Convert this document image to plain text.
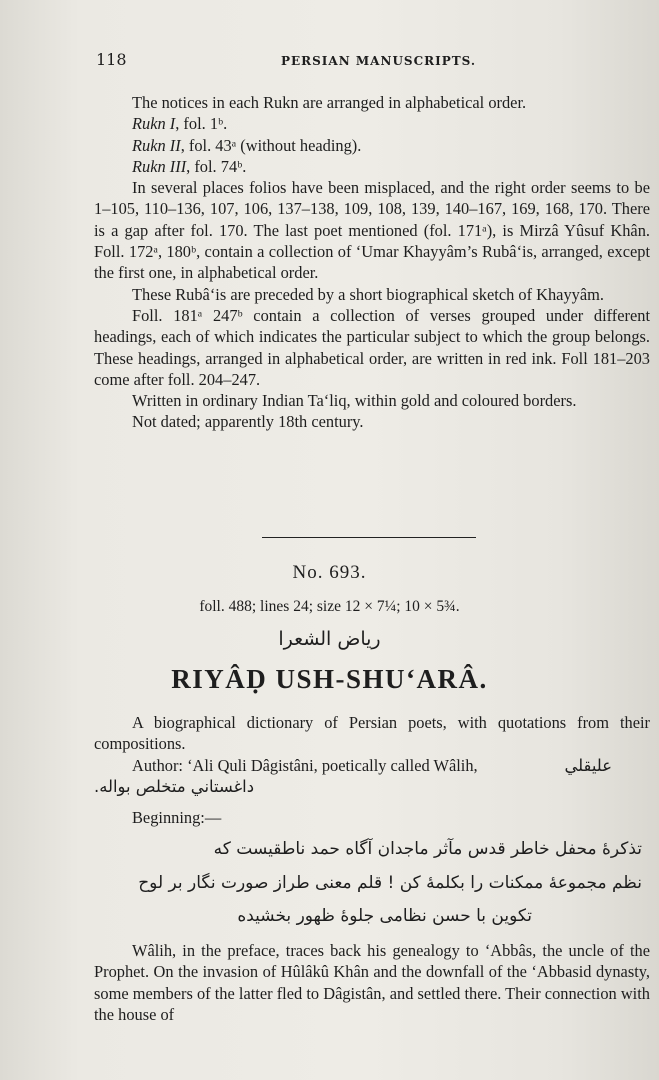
118	PERSIAN MANUSCRIPTS.

The notices in each Rukn are arranged in alphabetical order.

Rukn I, fol. 1ᵇ.

Rukn II, fol. 43ᵃ (without heading).

Rukn III, fol. 74ᵇ.

In several places folios have been misplaced, and the right order seems to be 1–105, 110–136, 107, 106, 137–138, 109, 108, 139, 140–167, 169, 168, 170. There is a gap after fol. 170. The last poet mentioned (fol. 171ᵃ), is Mirzâ Yûsuf Khân. Foll. 172ᵃ, 180ᵇ, contain a collection of ‘Umar Khayyâm’s Rubâ‘is, arranged, except the first one, in alphabetical order.

These Rubâ‘is are preceded by a short biographical sketch of Khayyâm.

Foll. 181ᵃ 247ᵇ contain a collection of verses grouped under different headings, each of which indicates the particular subject to which the group belongs. These headings, arranged in alphabetical order, are written in red ink. Foll 181–203 come after foll. 204–247.

Written in ordinary Indian Ta‘liq, within gold and coloured borders.

Not dated; apparently 18th century.

No. 693.
foll. 488; lines 24; size 12 × 7¼; 10 × 5¾.
رياض الشعرا
RIYÂḌ USH-SHU‘ARÂ.

A biographical dictionary of Persian poets, with quotations from their compositions.

Author: ‘Ali Quli Dâgistâni, poetically called Wâlih,	عليقلي

داغستاني متخلص بواله.

Beginning:—
تذكرۀ محفل خاطر قدس مآثر ماجدان آگاه حمد ناطقيست كه
نظم مجموعۀ ممكنات را بكلمۀ كن ! قلم معنى طراز صورت نگار بر لوح
تكوين با حسن نظامى جلوۀ ظهور بخشيده

Wâlih, in the preface, traces back his genealogy to ‘Abbâs, the uncle of the Prophet. On the invasion of Hûlâkû Khân and the downfall of the ‘Abbasid dynasty, some members of the latter fled to Dâgistân, and settled there. Their connection with the house of
